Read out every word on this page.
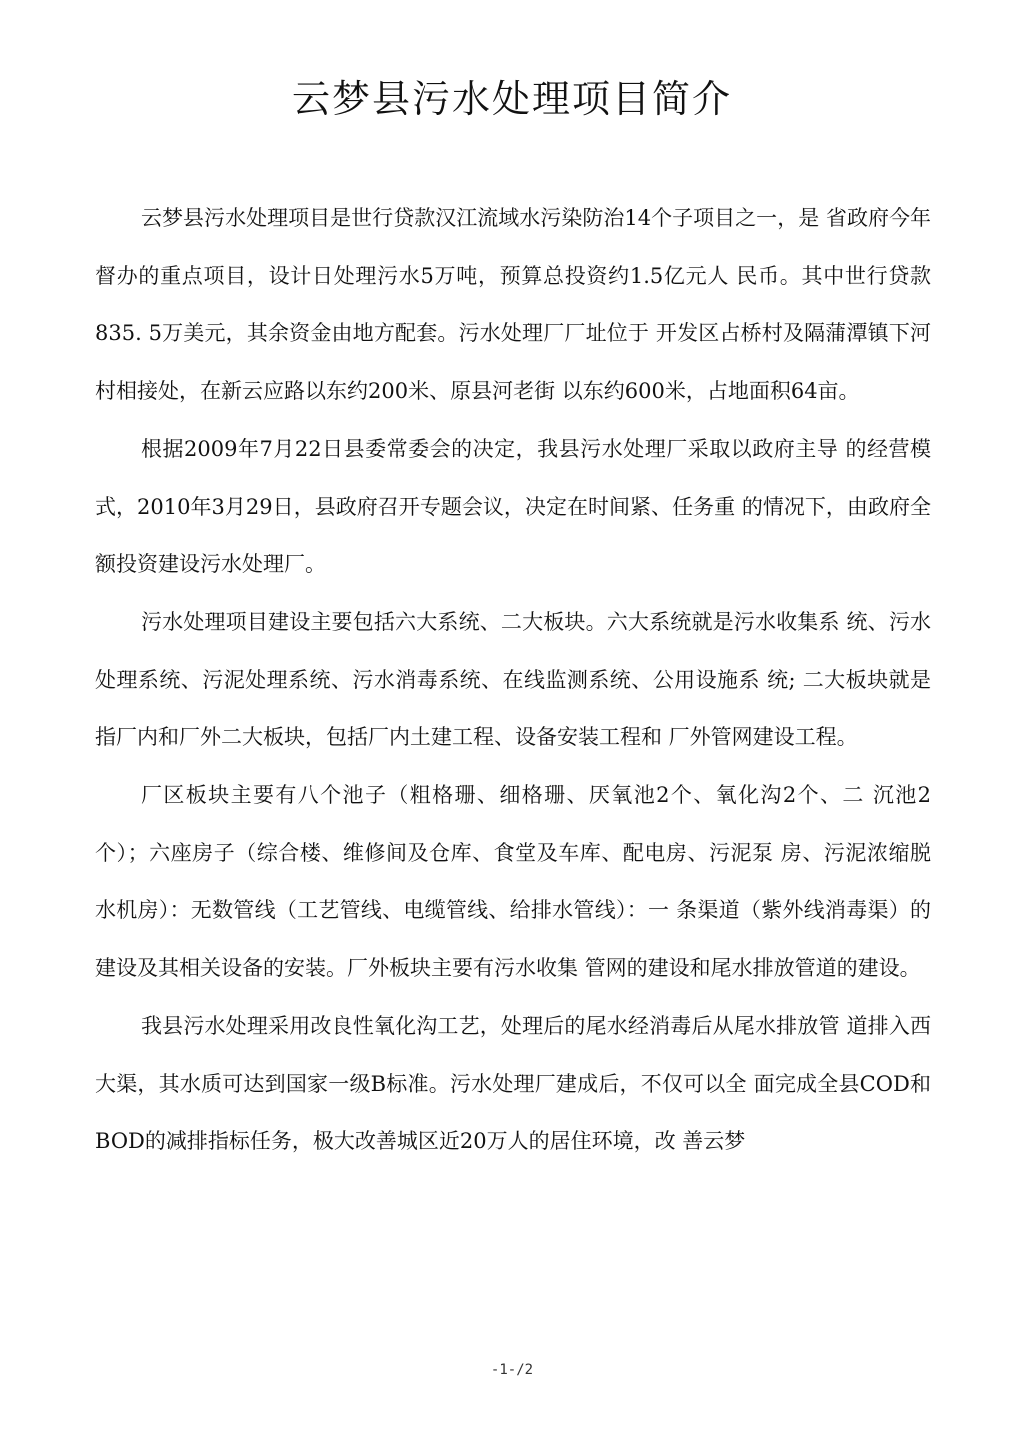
云梦县污水处理项目简介

云梦县污水处理项目是世行贷款汉江流域水污染防治14个子项目之一，是 省政府今年督办的重点项目，设计日处理污水5万吨，预算总投资约1.5亿元人 民币。其中世行贷款835. 5万美元，其余资金由地方配套。污水处理厂厂址位于 开发区占桥村及隔蒲潭镇下河村相接处，在新云应路以东约200米、原县河老街 以东约600米，占地面积64亩。

根据2009年7月22日县委常委会的决定，我县污水处理厂采取以政府主导 的经营模式，2010年3月29日，县政府召开专题会议，决定在时间紧、任务重 的情况下，由政府全额投资建设污水处理厂。

污水处理项目建设主要包括六大系统、二大板块。六大系统就是污水收集系 统、污水处理系统、污泥处理系统、污水消毒系统、在线监测系统、公用设施系 统; 二大板块就是指厂内和厂外二大板块，包括厂内土建工程、设备安装工程和 厂外管网建设工程。

厂区板块主要有八个池子（粗格珊、细格珊、厌氧池2个、氧化沟2个、二 沉池2个）；六座房子（综合楼、维修间及仓库、食堂及车库、配电房、污泥泵 房、污泥浓缩脱水机房）：无数管线（工艺管线、电缆管线、给排水管线）：一 条渠道（紫外线消毒渠）的建设及其相关设备的安装。厂外板块主要有污水收集 管网的建设和尾水排放管道的建设。

我县污水处理采用改良性氧化沟工艺，处理后的尾水经消毒后从尾水排放管 道排入西大渠，其水质可达到国家一级B标准。污水处理厂建成后，不仅可以全 面完成全县COD和BOD的减排指标任务，极大改善城区近20万人的居住环境，改 善云梦

-1-/2
